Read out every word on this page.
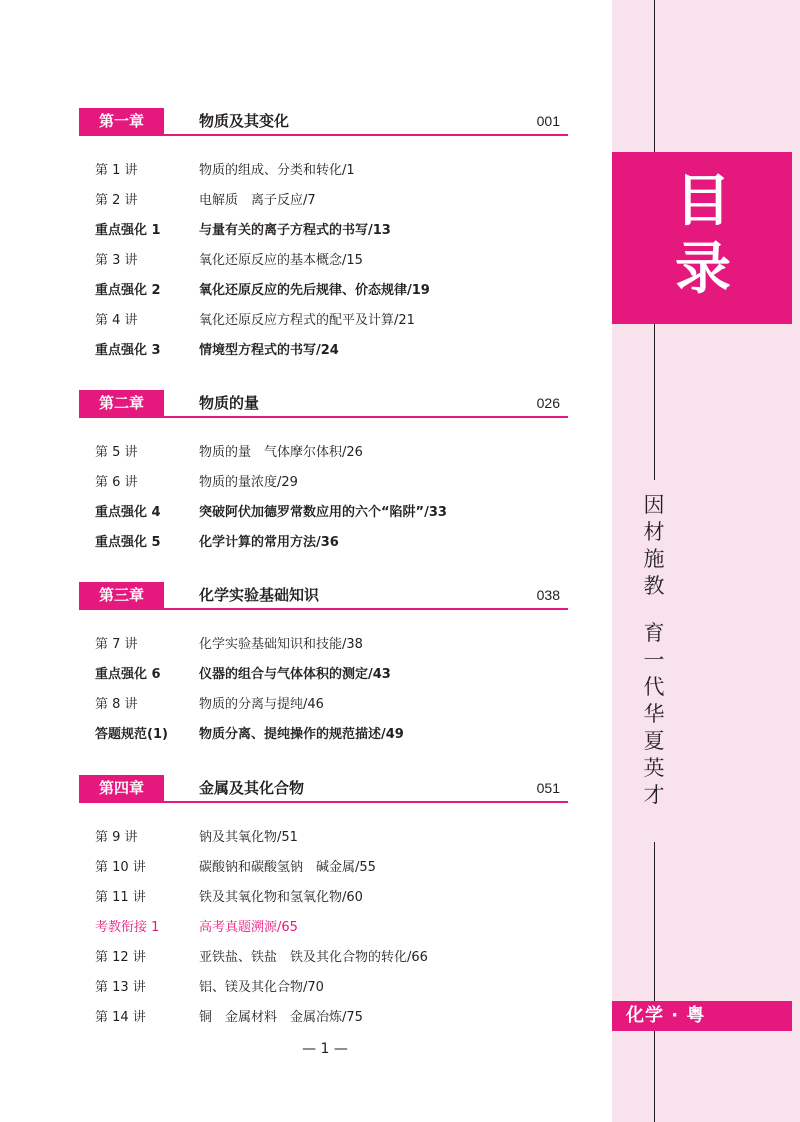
目
录
因
材
施
教
育
一
代
华
夏
英
才
化学 · 粤
第一章	物质及其变化	001
第 1 讲	物质的组成、分类和转化/1
第 2 讲	电解质　离子反应/7
重点强化 1	与量有关的离子方程式的书写/13
第 3 讲	氧化还原反应的基本概念/15
重点强化 2	氧化还原反应的先后规律、价态规律/19
第 4 讲	氧化还原反应方程式的配平及计算/21
重点强化 3	情境型方程式的书写/24
第二章	物质的量	026
第 5 讲	物质的量　气体摩尔体积/26
第 6 讲	物质的量浓度/29
重点强化 4	突破阿伏加德罗常数应用的六个“陷阱”/33
重点强化 5	化学计算的常用方法/36
第三章	化学实验基础知识	038
第 7 讲	化学实验基础知识和技能/38
重点强化 6	仪器的组合与气体体积的测定/43
第 8 讲	物质的分离与提纯/46
答题规范(1) 物质分离、提纯操作的规范描述/49
第四章	金属及其化合物	051
第 9 讲	钠及其氧化物/51
第 10 讲	碳酸钠和碳酸氢钠　碱金属/55
第 11 讲	铁及其氧化物和氢氧化物/60
考教衔接 1	高考真题溯源/65
第 12 讲	亚铁盐、铁盐　铁及其化合物的转化/66
第 13 讲	铝、镁及其化合物/70
第 14 讲	铜　金属材料　金属冶炼/75
— 1 —
